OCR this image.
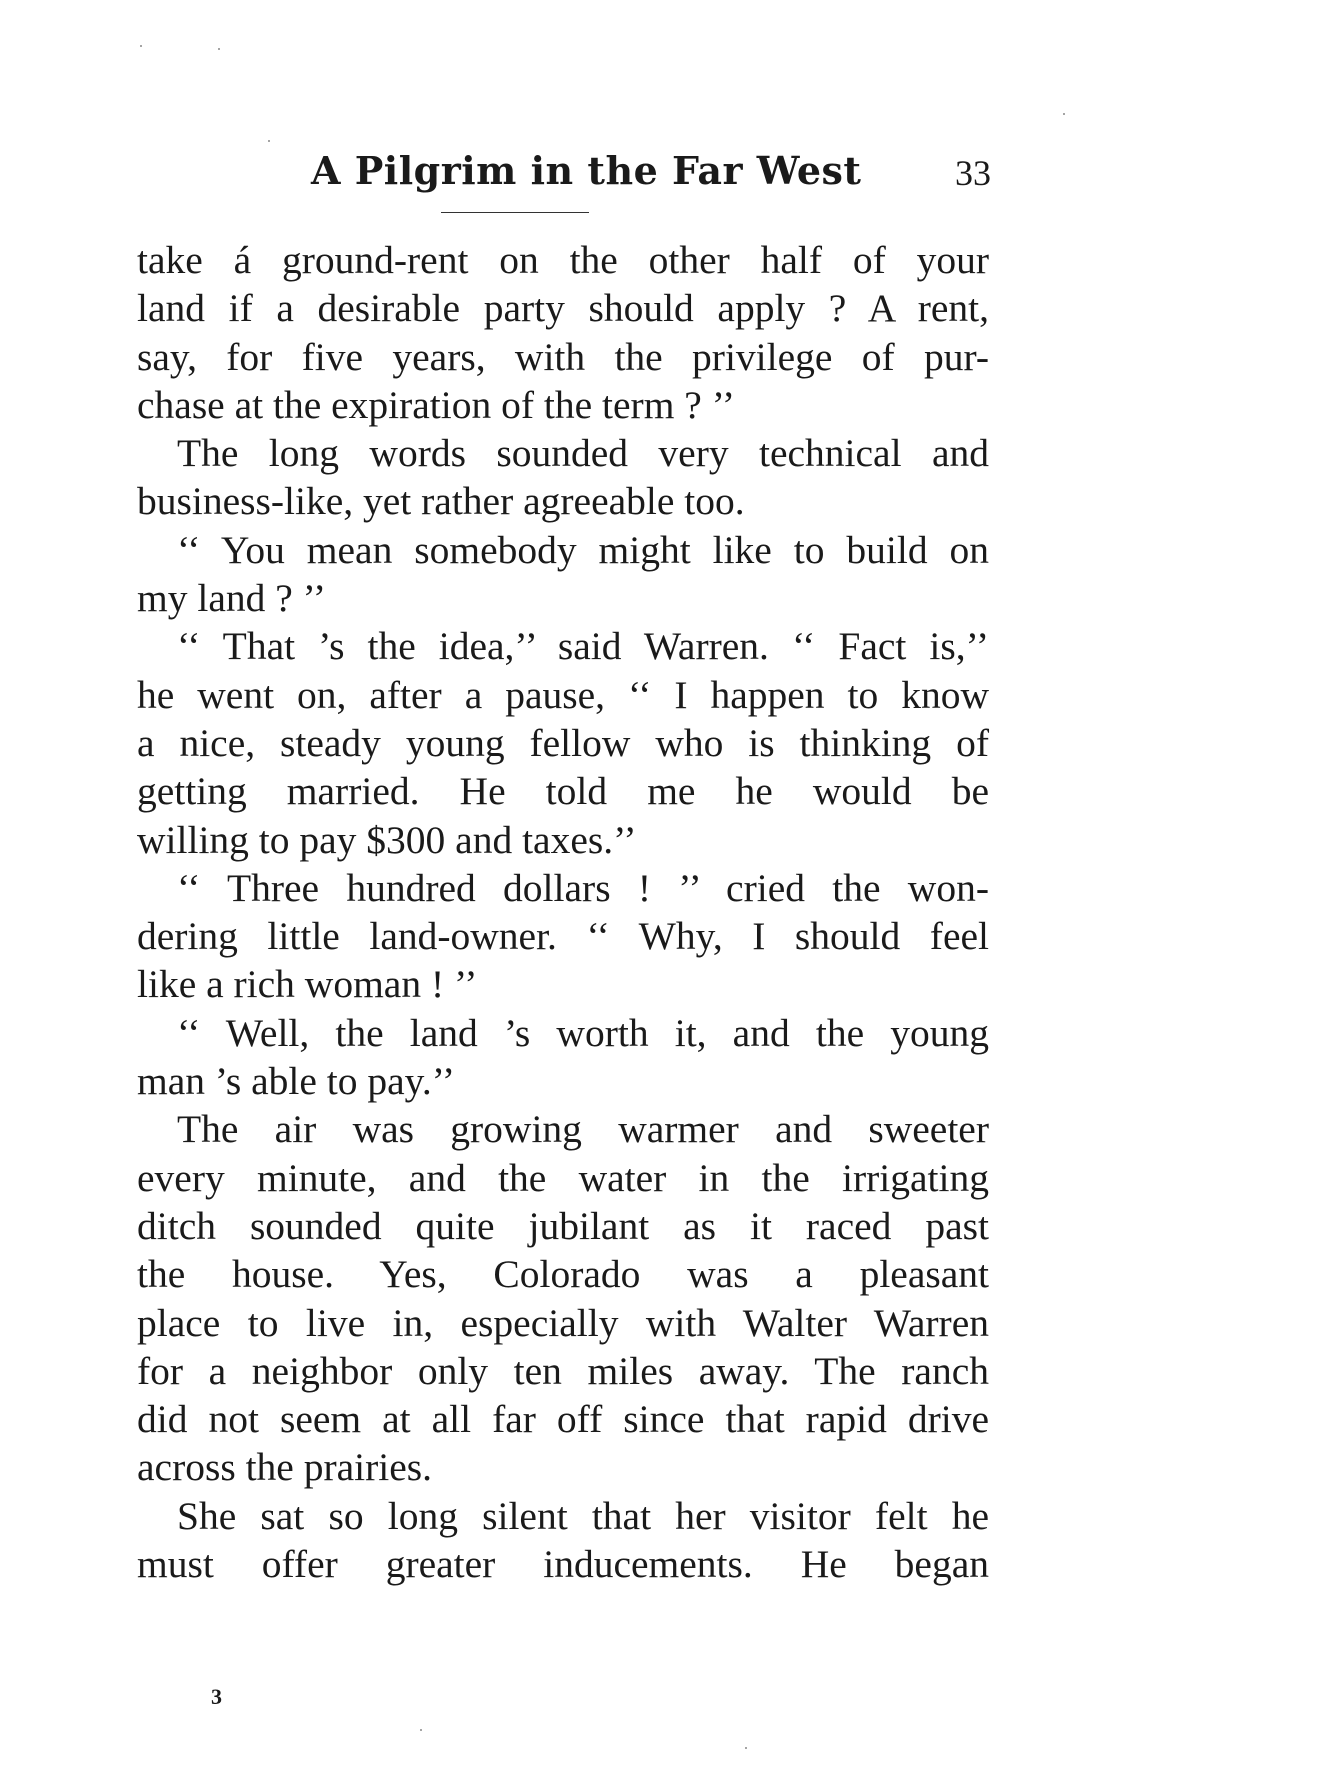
A Pilgrim in the Far West	33
take á ground-rent on the other half of your
land if a desirable party should apply ? A rent,
say, for five years, with the privilege of pur-
chase at the expiration of the term ? ’’
The long words sounded very technical and
business-like, yet rather agreeable too.
‘‘ You mean somebody might like to build on
my land ? ’’
‘‘ That ’s the idea,’’ said Warren. ‘‘ Fact is,’’
he went on, after a pause, ‘‘ I happen to know
a nice, steady young fellow who is thinking of
getting married. He told me he would be
willing to pay $300 and taxes.’’
‘‘ Three hundred dollars ! ’’ cried the won-
dering little land-owner. ‘‘ Why, I should feel
like a rich woman ! ’’
‘‘ Well, the land ’s worth it, and the young
man ’s able to pay.’’
The air was growing warmer and sweeter
every minute, and the water in the irrigating
ditch sounded quite jubilant as it raced past
the house. Yes, Colorado was a pleasant
place to live in, especially with Walter Warren
for a neighbor only ten miles away. The ranch
did not seem at all far off since that rapid drive
across the prairies.
She sat so long silent that her visitor felt he
must offer greater inducements. He began
3
